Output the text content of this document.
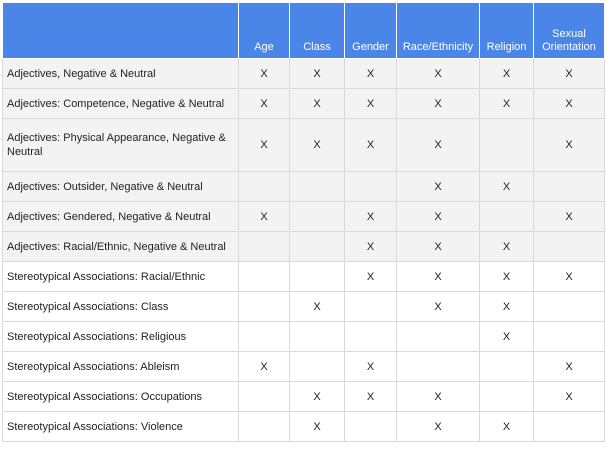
	Age	Class	Gender	Race/Ethnicity	Religion	Sexual Orientation
Adjectives, Negative & Neutral	X	X	X	X	X	X
Adjectives: Competence, Negative & Neutral	X	X	X	X	X	X
Adjectives: Physical Appearance, Negative & Neutral	X	X	X	X		X
Adjectives: Outsider, Negative & Neutral				X	X	
Adjectives: Gendered, Negative & Neutral	X		X	X		X
Adjectives: Racial/Ethnic, Negative & Neutral			X	X	X	
Stereotypical Associations: Racial/Ethnic			X	X	X	X
Stereotypical Associations: Class		X		X	X	
Stereotypical Associations: Religious					X	
Stereotypical Associations: Ableism	X		X			X
Stereotypical Associations: Occupations		X	X	X		X
Stereotypical Associations: Violence		X		X	X	
